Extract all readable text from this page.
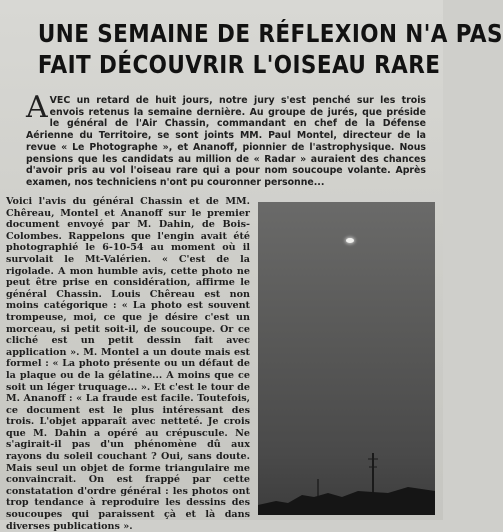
UNE SEMAINE DE RÉFLEXION N'A PAS
FAIT DÉCOUVRIR L'OISEAU RARE

AVEC un retard de huit jours, notre jury s'est penché sur les trois envois retenus la semaine dernière. Au groupe de jurés, que préside le général de l'Air Chassin, commandant en chef de la Défense Aérienne du Territoire, se sont joints MM. Paul Montel, directeur de la revue « Le Photographe », et Ananoff, pionnier de l'astrophysique. Nous pensions que les candidats au million de « Radar » auraient des chances d'avoir pris au vol l'oiseau rare qui a pour nom soucoupe volante. Après examen, nos techniciens n'ont pu couronner personne...

Voici l'avis du général Chassin et de MM. Chêreau, Montel et Ananoff sur le premier document envoyé par M. Dahin, de Bois-Colombes. Rappelons que l'engin avait été photographié le 6-10-54 au moment où il survolait le Mt-Valérien. « C'est de la rigolade. A mon humble avis, cette photo ne peut être prise en considération, affirme le général Chassin. Louis Chêreau est non moins catégorique : « La photo est souvent trompeuse, moi, ce que je désire c'est un morceau, si petit soit-il, de soucoupe. Or ce cliché est un petit dessin fait avec application ». M. Montel a un doute mais est formel : « La photo présente ou un défaut de la plaque ou de la gélatine... A moins que ce soit un léger truquage... ». Et c'est le tour de M. Ananoff : « La fraude est facile. Toutefois, ce document est le plus intéressant des trois. L'objet apparaît avec netteté. Je crois que M. Dahin a opéré au crépuscule. Ne s'agirait-il pas d'un phénomène dû aux rayons du soleil couchant ? Oui, sans doute. Mais seul un objet de forme triangulaire me convaincrait. On est frappé par cette constatation d'ordre général : les photos ont trop tendance à reproduire les dessins des soucoupes qui paraissent çà et là dans diverses publications ».
